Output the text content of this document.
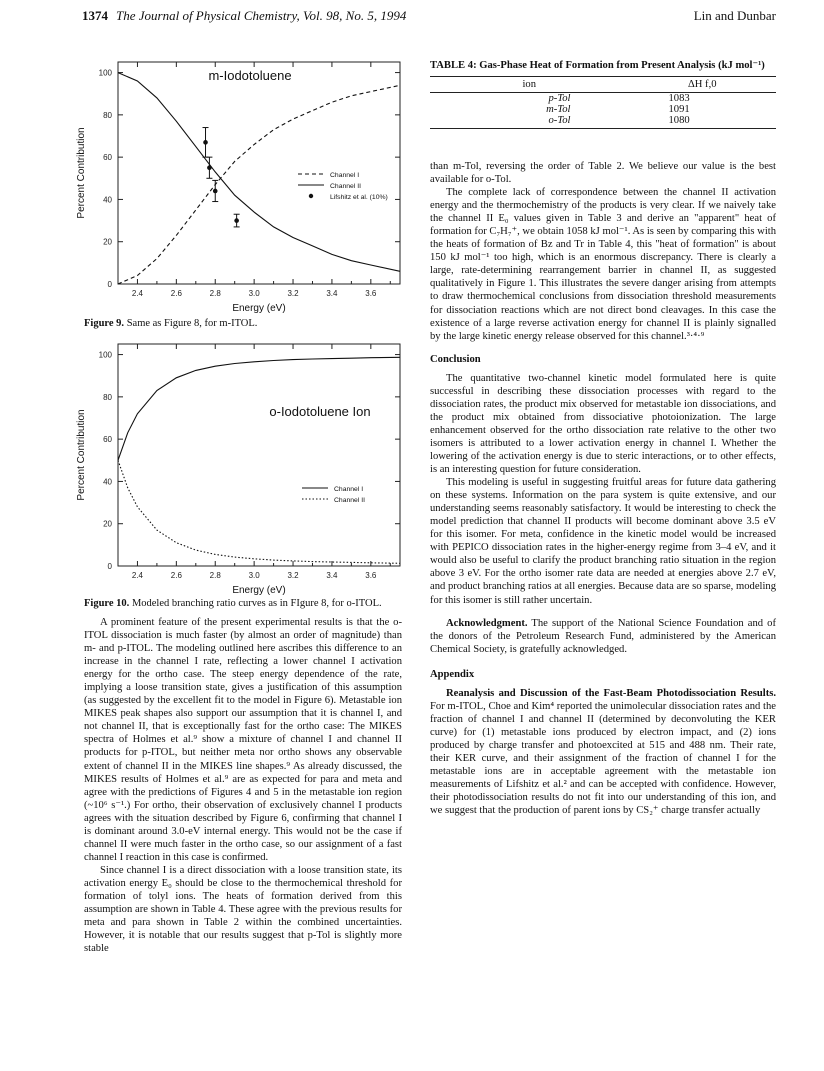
1374 The Journal of Physical Chemistry, Vol. 98, No. 5, 1994	Lin and Dunbar
2.4	2.6	2.8	3.0	3.2	3.4	3.6
0
20
40
60
80
100	m-Iodotoluene
Energy (eV)
Percent Contribution	Channel I
Channel II
Lifshitz et al. (10%)
Figure 9. Same as Figure 8, for m-ITOL.
2.4	2.6	2.8	3.0	3.2	3.4	3.6
0
20
40
60
80
100
o-Iodotoluene Ion
Energy (eV)
Percent Contribution	Channel I
Channel II
Figure 10. Modeled branching ratio curves as in FIgure 8, for o-ITOL.

A prominent feature of the present experimental results is that the o-ITOL dissociation is much faster (by almost an order of magnitude) than m- and p-ITOL. The modeling outlined here ascribes this difference to an increase in the channel I rate, reflecting a lower channel I activation energy for the ortho case. The steep energy dependence of the rate, implying a loose transition state, gives a justification of this assumption (as suggested by the excellent fit to the model in Figure 6). Metastable ion MIKES peak shapes also support our assumption that it is channel I, and not channel II, that is exceptionally fast for the ortho case: The MIKES spectra of Holmes et al.⁹ show a mixture of channel I and channel II products for p-ITOL, but neither meta nor ortho shows any observable extent of channel II in the MIKES line shapes.⁹ As already discussed, the MIKES results of Holmes et al.⁹ are as expected for para and meta and agree with the predictions of Figures 4 and 5 in the metastable ion region (~10⁶ s⁻¹.) For ortho, their observation of exclusively channel I products agrees with the situation described by Figure 6, confirming that channel I is dominant around 3.0-eV internal energy. This would not be the case if channel II were much faster in the ortho case, so our assignment of a fast channel I reaction in this case is confirmed.

Since channel I is a direct dissociation with a loose transition state, its activation energy E₀ should be close to the thermochemical threshold for formation of tolyl ions. The heats of formation derived from this assumption are shown in Table 4. These agree with the previous results for meta and para shown in Table 2 within the combined uncertainties. However, it is notable that our results suggest that p-Tol is slightly more stable

TABLE 4: Gas-Phase Heat of Formation from Present Analysis (kJ mol⁻¹)
ion	ΔH f,0
p-Tol	1083
m-Tol	1091
o-Tol	1080

than m-Tol, reversing the order of Table 2. We believe our value is the best available for o-Tol.

The complete lack of correspondence between the channel II activation energy and the thermochemistry of the products is very clear. If we naively take the channel II E₀ values given in Table 3 and derive an "apparent" heat of formation for C₇H₇⁺, we obtain 1058 kJ mol⁻¹. As is seen by comparing this with the heats of formation of Bz and Tr in Table 4, this "heat of formation" is about 150 kJ mol⁻¹ too high, which is an enormous discrepancy. There is clearly a large, rate-determining rearrangement barrier in channel II, as suggested qualitatively in Figure 1. This illustrates the severe danger arising from attempts to draw thermochemical conclusions from dissociation threshold measurements for dissociation reactions which are not direct bond cleavages. In this case the existence of a large reverse activation energy for channel II is plainly signalled by the large kinetic energy release observed for this channel.³·⁴·⁹

Conclusion

The quantitative two-channel kinetic model formulated here is quite successful in describing these dissociation processes with regard to the dissociation rates, the product mix observed for metastable ion dissociations, and the product mix obtained from dissociative photoionization. The large enhancement observed for the ortho dissociation rate relative to the other two isomers is attributed to a lower activation energy in channel I. Whether the lowering of the activation energy is due to steric interactions, or to other effects, is an interesting question for future consideration.

This modeling is useful in suggesting fruitful areas for future data gathering on these systems. Information on the para system is quite extensive, and our understanding seems reasonably satisfactory. It would be interesting to check the model prediction that channel II products will become dominant above 3.5 eV for this isomer. For meta, confidence in the kinetic model would be increased with PEPICO dissociation rates in the higher-energy regime from 3–4 eV, and it would also be useful to clarify the product branching ratio situation in the region above 3 eV. For the ortho isomer rate data are needed at energies above 2.7 eV, and product branching ratios at all energies. Because data are so sparse, modeling for this isomer is still rather uncertain.

Acknowledgment. The support of the National Science Foundation and of the donors of the Petroleum Research Fund, administered by the American Chemical Society, is gratefully acknowledged.

Appendix

Reanalysis and Discussion of the Fast-Beam Photodissociation Results. For m-ITOL, Choe and Kim⁴ reported the unimolecular dissociation rates and the fraction of channel I and channel II (determined by deconvoluting the KER curve) for (1) metastable ions produced by electron impact, and (2) ions produced by charge transfer and photoexcited at 515 and 488 nm. Their rate, their KER curve, and their assignment of the fraction of channel I for the metastable ions are in acceptable agreement with the metastable ion measurements of Lifshitz et al.² and can be accepted with confidence. However, their photodissociation results do not fit into our understanding of this ion, and we suggest that the production of parent ions by CS₂⁺ charge transfer actually
